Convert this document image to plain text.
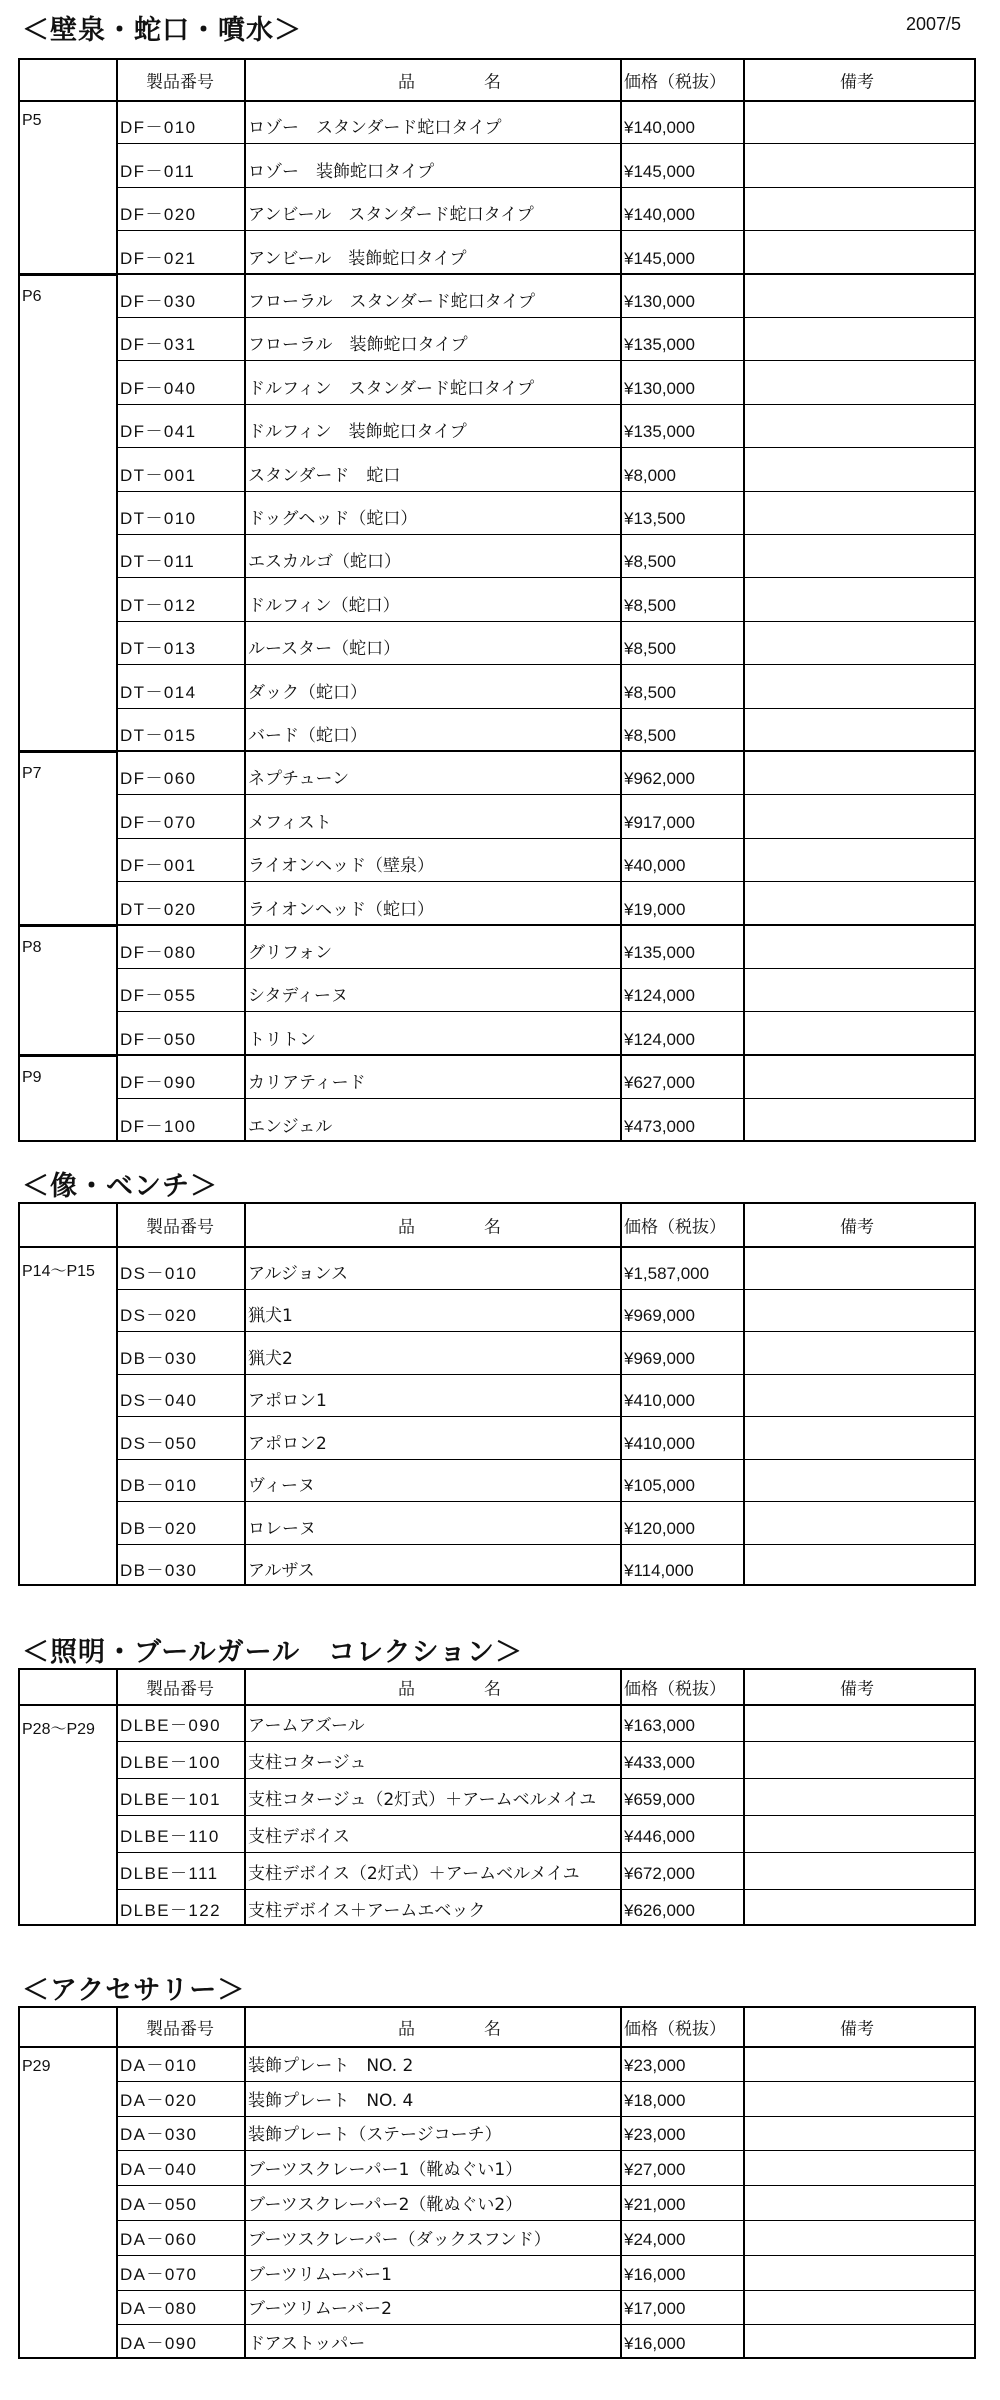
2007/5
＜壁泉・蛇口・噴水＞
製品番号	品　名	価格（税抜）	備考
P5	DF－010	ロゾー　スタンダード蛇口タイプ	¥140,000
DF－011	ロゾー　装飾蛇口タイプ	¥145,000
DF－020	アンビール　スタンダード蛇口タイプ	¥140,000
DF－021	アンビール　装飾蛇口タイプ	¥145,000
P6	DF－030	フローラル　スタンダード蛇口タイプ	¥130,000
DF－031	フローラル　装飾蛇口タイプ	¥135,000
DF－040	ドルフィン　スタンダード蛇口タイプ	¥130,000
DF－041	ドルフィン　装飾蛇口タイプ	¥135,000
DT－001	スタンダード　蛇口	¥8,000
DT－010	ドッグヘッド（蛇口）	¥13,500
DT－011	エスカルゴ（蛇口）	¥8,500
DT－012	ドルフィン（蛇口）	¥8,500
DT－013	ルースター（蛇口）	¥8,500
DT－014	ダック（蛇口）	¥8,500
DT－015	バード（蛇口）	¥8,500
P7	DF－060	ネプチューン	¥962,000
DF－070	メフィスト	¥917,000
DF－001	ライオンヘッド（壁泉）	¥40,000
DT－020	ライオンヘッド（蛇口）	¥19,000
P8	DF－080	グリフォン	¥135,000
DF－055	シタディーヌ	¥124,000
DF－050	トリトン	¥124,000
P9	DF－090	カリアティード	¥627,000
DF－100	エンジェル	¥473,000
＜像・ベンチ＞
製品番号	品　名	価格（税抜）	備考
P14～P15 DS－010	アルジョンス	¥1,587,000
DS－020	猟犬1	¥969,000
DB－030	猟犬2	¥969,000
DS－040	アポロン1	¥410,000
DS－050	アポロン2	¥410,000
DB－010	ヴィーヌ	¥105,000
DB－020	ロレーヌ	¥120,000
DB－030	アルザス	¥114,000
＜照明・ブールガール　コレクション＞
製品番号	品　名	価格（税抜）	備考
P28～P29 DLBE－090 アームアズール	¥163,000
DLBE－100 支柱コタージュ	¥433,000
DLBE－101 支柱コタージュ（2灯式）＋アームベルメイユ ¥659,000
DLBE－110 支柱デボイス	¥446,000
DLBE－111 支柱デボイス（2灯式）＋アームベルメイユ	¥672,000
DLBE－122 支柱デボイス＋アームエベック	¥626,000
＜アクセサリー＞
製品番号	品　名	価格（税抜）	備考
P29	DA－010	装飾プレート　NO. 2	¥23,000
DA－020	装飾プレート　NO. 4	¥18,000
DA－030	装飾プレート（ステージコーチ）	¥23,000
DA－040	ブーツスクレーパー1（靴ぬぐい1）	¥27,000
DA－050	ブーツスクレーパー2（靴ぬぐい2）	¥21,000
DA－060	ブーツスクレーパー（ダックスフンド）	¥24,000
DA－070	ブーツリムーバー1	¥16,000
DA－080	ブーツリムーバー2	¥17,000
DA－090	ドアストッパー	¥16,000
